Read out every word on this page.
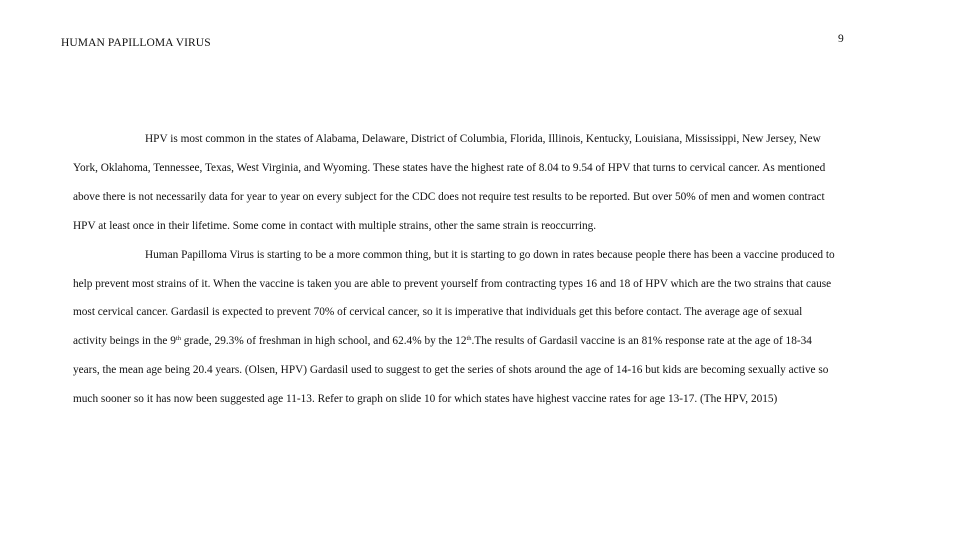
HUMAN PAPILLOMA VIRUS	9

HPV is most common in the states of Alabama, Delaware, District of Columbia, Florida, Illinois, Kentucky, Louisiana, Mississippi, New Jersey, New
York, Oklahoma, Tennessee, Texas, West Virginia, and Wyoming. These states have the highest rate of 8.04 to 9.54 of HPV that turns to cervical cancer. As mentioned
above there is not necessarily data for year to year on every subject for the CDC does not require test results to be reported. But over 50% of men and women contract
HPV at least once in their lifetime. Some come in contact with multiple strains, other the same strain is reoccurring.

Human Papilloma Virus is starting to be a more common thing, but it is starting to go down in rates because people there has been a vaccine produced to
help prevent most strains of it. When the vaccine is taken you are able to prevent yourself from contracting types 16 and 18 of HPV which are the two strains that cause
most cervical cancer. Gardasil is expected to prevent 70% of cervical cancer, so it is imperative that individuals get this before contact. The average age of sexual
activity beings in the 9th grade, 29.3% of freshman in high school, and 62.4% by the 12th.The results of Gardasil vaccine is an 81% response rate at the age of 18-34
years, the mean age being 20.4 years. (Olsen, HPV) Gardasil used to suggest to get the series of shots around the age of 14-16 but kids are becoming sexually active so
much sooner so it has now been suggested age 11-13. Refer to graph on slide 10 for which states have highest vaccine rates for age 13-17. (The HPV, 2015)
